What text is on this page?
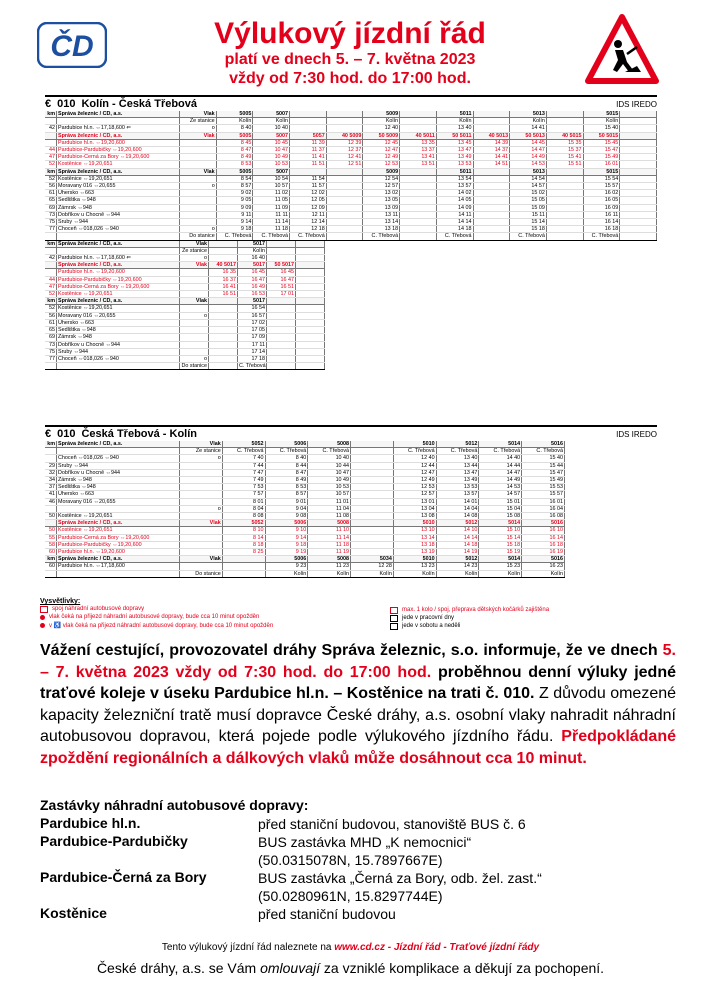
ČD	Výlukový jízdní řád
platí ve dnech 5. – 7. května 2023
vždy od 7:30 hod. do 17:00 hod.
€ 010 Kolín - Česká Třebová	IDS IREDO
km	Správa železnic / ČD, a.s.	Vlak	5005	5007			5009		5011		5013		5015	
		Ze stanice	Kolín	Kolín			Kolín		Kolín		Kolín		Kolín	
42	Pardubice hl.n. ⇔17,18,600 ⇐	o	8 40	10 40			12 40		13 40		14 41		15 40	
	Správa železnic / ČD, a.s.	Vlak	5005	5007	5057	40 5009	50 5009	40 5011	50 5011	40 5013	50 5013	40 5015	50 5015	
	Pardubice hl.n. ⇔19,20,600		8 45	10 45	11 39	12 39	12 45	13 35	13 45	14 39	14 45	15 35	15 45	
44	Pardubice-Pardubičky ⇔19,20,600		8 47	10 47	11 37	12 37	12 47	13 37	13 47	14 37	14 47	15 37	15 47	
47	Pardubice-Černá za Bory ⇔19,20,600		8 49	10 49	11 41	12 41	12 49	13 41	13 49	14 41	14 49	15 41	15 49	
52	Kostěnice ⇔19,20,651		8 53	10 53	11 51	12 51	12 53	13 51	13 53	14 51	14 53	15 51	16 01	
km	Správa železnic / ČD, a.s.	Vlak	5005	5007			5009		5011		5013		5015	
52	Kostěnice ⇔19,20,651		8 54	10 54	11 54		12 54		13 54		14 54		15 54	
56	Moravany 016 ⇔20,655	o	8 57	10 57	11 57		12 57		13 57		14 57		15 57	
61	Uhersko ⇔663		9 02	11 02	12 02		13 02		14 02		15 02		16 02	
65	Sedlištka ⇔948		9 05	11 05	12 05		13 05		14 05		15 05		16 05	
69	Zámrsk ⇔948		9 09	11 09	12 09		13 09		14 09		15 09		16 09	
73	Dobříkov u Chocně ⇔944		9 11	11 11	12 11		13 11		14 11		15 11		16 11	
75	Sruby ⇔944		9 14	11 14	12 14		13 14		14 14		15 14		16 14	
77	Choceň ⇔018,026 ⇔940	o	9 18	11 18	12 18		13 18		14 18		15 18		16 18	
		Do stanice	Č. Třebová	Č. Třebová	Č. Třebová		Č. Třebová		Č. Třebová		Č. Třebová		Č. Třebová	
km	Správa železnic / ČD, a.s.	Vlak		5017		
		Ze stanice		Kolín		
42	Pardubice hl.n. ⇔17,18,600 ⇐	o		16 40		
	Správa železnic / ČD, a.s.	Vlak	40 5017	5017	50 5017	
	Pardubice hl.n. ⇔19,20,600		16 35	16 45	16 45	
44	Pardubice-Pardubičky ⇔19,20,600		16 37	16 47	16 47	
47	Pardubice-Černá za Bory ⇔19,20,600		16 41	16 49	16 51	
52	Kostěnice ⇔19,20,651		16 51	16 53	17 01	
km	Správa železnic / ČD, a.s.	Vlak		5017		
52	Kostěnice ⇔19,20,651			16 54		
56	Moravany 016 ⇔20,655	o		16 57		
61	Uhersko ⇔663			17 02		
65	Sedlištka ⇔948			17 05		
69	Zámrsk ⇔948			17 09		
73	Dobříkov u Chocně ⇔944			17 11		
75	Sruby ⇔944			17 14		
77	Choceň ⇔018,026 ⇔940	o		17 18		
		Do stanice		Č. Třebová		
€ 010 Česká Třebová - Kolín	IDS IREDO
km	Správa železnic / ČD, a.s.	Vlak	5052	5006	5008		5010	5012	5014	5016
		Ze stanice	Č. Třebová	Č. Třebová	Č. Třebová		Č. Třebová	Č. Třebová	Č. Třebová	Č. Třebová
	Choceň ⇔018,026 ⇔940	o	7 40	8 40	10 40		12 40	13 40	14 40	15 40
29	Sruby ⇔944		7 44	8 44	10 44		12 44	13 44	14 44	15 44
32	Dobříkov u Chocně ⇔944		7 47	8 47	10 47		12 47	13 47	14 47	15 47
34	Zámrsk ⇔948		7 49	8 49	10 49		12 49	13 49	14 49	15 49
37	Sedlištka ⇔948		7 53	8 53	10 53		12 53	13 53	14 53	15 53
41	Uhersko ⇔663		7 57	8 57	10 57		12 57	13 57	14 57	15 57
46	Moravany 016 ⇔20,655		8 01	9 01	11 01		13 01	14 01	15 01	16 01
		o	8 04	9 04	11 04		13 04	14 04	15 04	16 04
50	Kostěnice ⇔19,20,651		8 08	9 08	11 08		13 08	14 08	15 08	16 08
	Správa železnic / ČD, a.s.	Vlak	5052	5006	5008		5010	5012	5014	5016
50	Kostěnice ⇔19,20,651		8 10	9 10	11 10		13 10	14 10	15 10	16 10
55	Pardubice-Černá za Bory ⇔19,20,600		8 14	9 14	11 14		13 14	14 14	15 14	16 14
58	Pardubice-Pardubičky ⇔19,20,600		8 18	9 18	11 18		13 18	14 18	15 18	16 18
60	Pardubice hl.n. ⇔19,20,600		8 25	9 19	11 19		13 19	14 19	15 19	16 19
km	Správa železnic / ČD, a.s.	Vlak		5006	5008	5034	5010	5012	5014	5016
60	Pardubice hl.n. ⇔17,18,600			9 23	11 23	12 28	13 23	14 23	15 23	16 23
		Do stanice		Kolín	Kolín	Kolín	Kolín	Kolín	Kolín	Kolín
Vysvětlivky:
spoj náhradní autobusové dopravy
vlak čeká na přijezd náhradní autobusové dopravy, bude cca 10 minut opožděn
v ♿ vlak čeká na přijezd náhradní autobusové dopravy, bude cca 10 minut opožděn
max. 1 kolo / spoj, přeprava dětských kočárků zajištěna
jede v pracovní dny
jede v sobotu a neděli
Vážení cestující, provozovatel dráhy Správa železnic, s.o. informuje, že ve dnech 5. – 7. května 2023 vždy od 7:30 hod. do 17:00 hod. proběhnou denní výluky jedné traťové koleje v úseku Pardubice hl.n. – Kostěnice na trati č. 010. Z důvodu omezené kapacity železniční tratě musí dopravce České dráhy, a.s. osobní vlaky nahradit náhradní autobusovou dopravou, která pojede podle výlukového jízdního řádu. Předpokládané zpoždění regionálních a dálkových vlaků může dosáhnout cca 10 minut.
Zastávky náhradní autobusové dopravy:
Pardubice hl.n.	před staniční budovou, stanoviště BUS č. 6
Pardubice-Pardubičky	BUS zastávka MHD „K nemocnici“
(50.0315078N, 15.7897667E)
Pardubice-Černá za Bory	BUS zastávka „Černá za Bory, odb. žel. zast.“
(50.0280961N, 15.8297744E)
Kostěnice	před staniční budovou
Tento výlukový jízdní řád naleznete na www.cd.cz - Jízdní řád - Traťové jízdní řády
České dráhy, a.s. se Vám omlouvají za vzniklé komplikace a děkují za pochopení.
